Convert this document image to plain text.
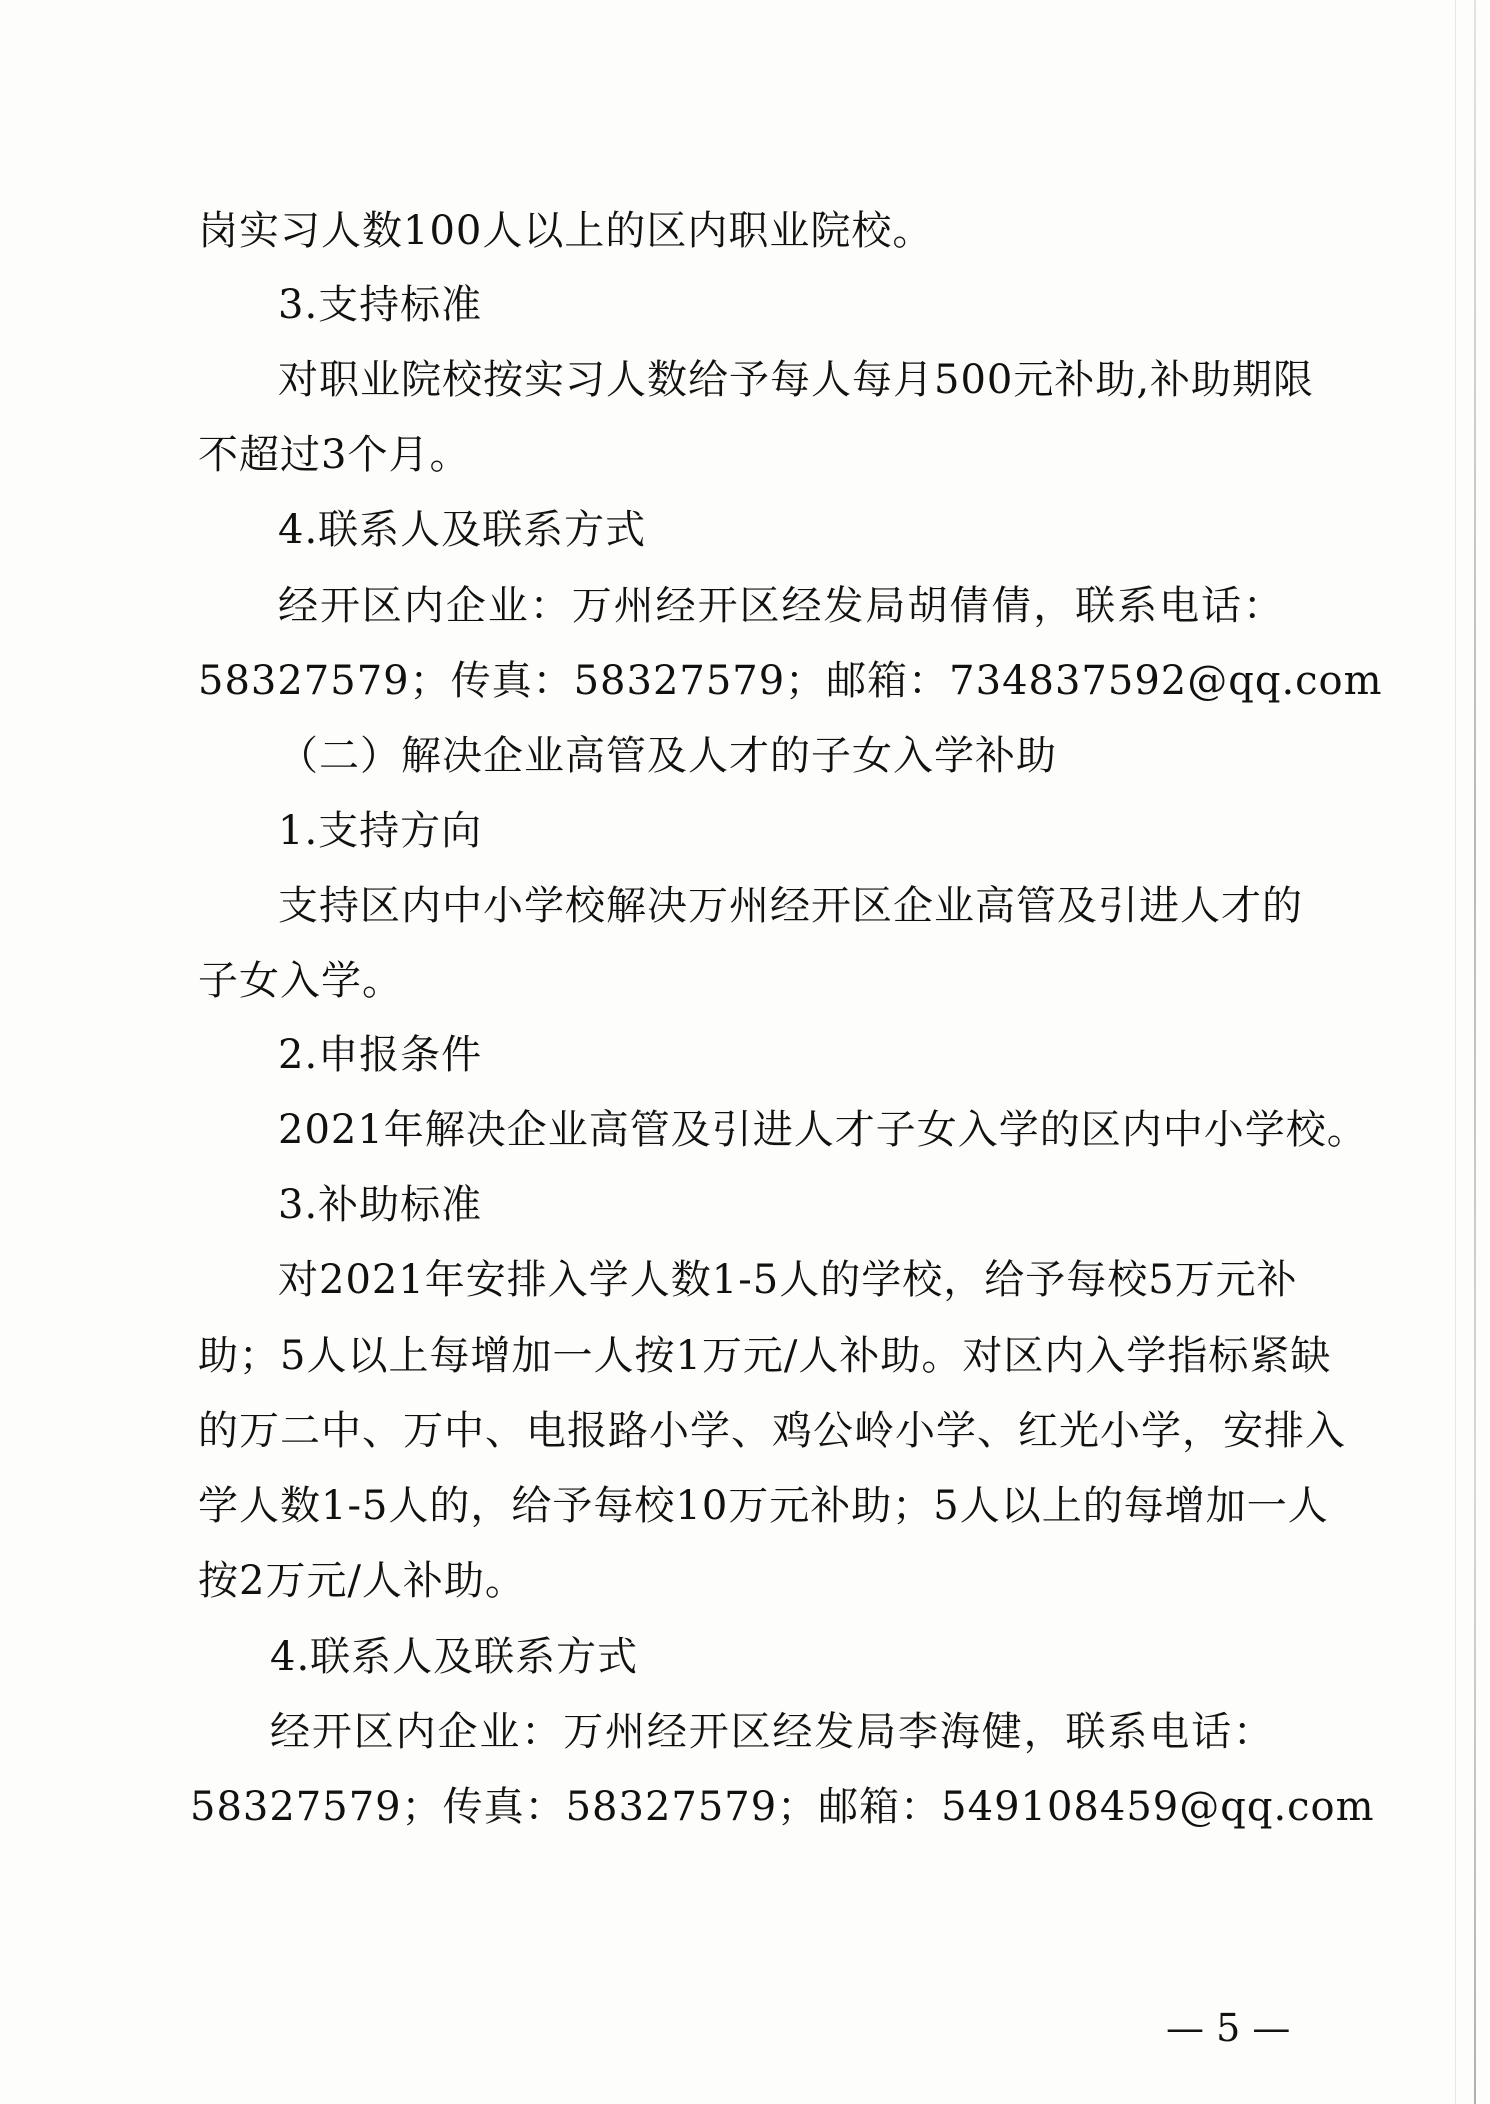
岗实习人数100人以上的区内职业院校。
3.支持标准
对职业院校按实习人数给予每人每月500元补助,补助期限
不超过3个月。
4.联系人及联系方式
经开区内企业：万州经开区经发局胡倩倩，联系电话：
58327579；传真：58327579；邮箱：734837592@qq.com
（二）解决企业高管及人才的子女入学补助
1.支持方向
支持区内中小学校解决万州经开区企业高管及引进人才的
子女入学。
2.申报条件
2021年解决企业高管及引进人才子女入学的区内中小学校。
3.补助标准
对2021年安排入学人数1-5人的学校，给予每校5万元补
助；5人以上每增加一人按1万元/人补助。对区内入学指标紧缺
的万二中、万中、电报路小学、鸡公岭小学、红光小学，安排入
学人数1-5人的，给予每校10万元补助；5人以上的每增加一人
按2万元/人补助。
4.联系人及联系方式
经开区内企业：万州经开区经发局李海健，联系电话：
58327579；传真：58327579；邮箱：549108459@qq.com
— 5 —
